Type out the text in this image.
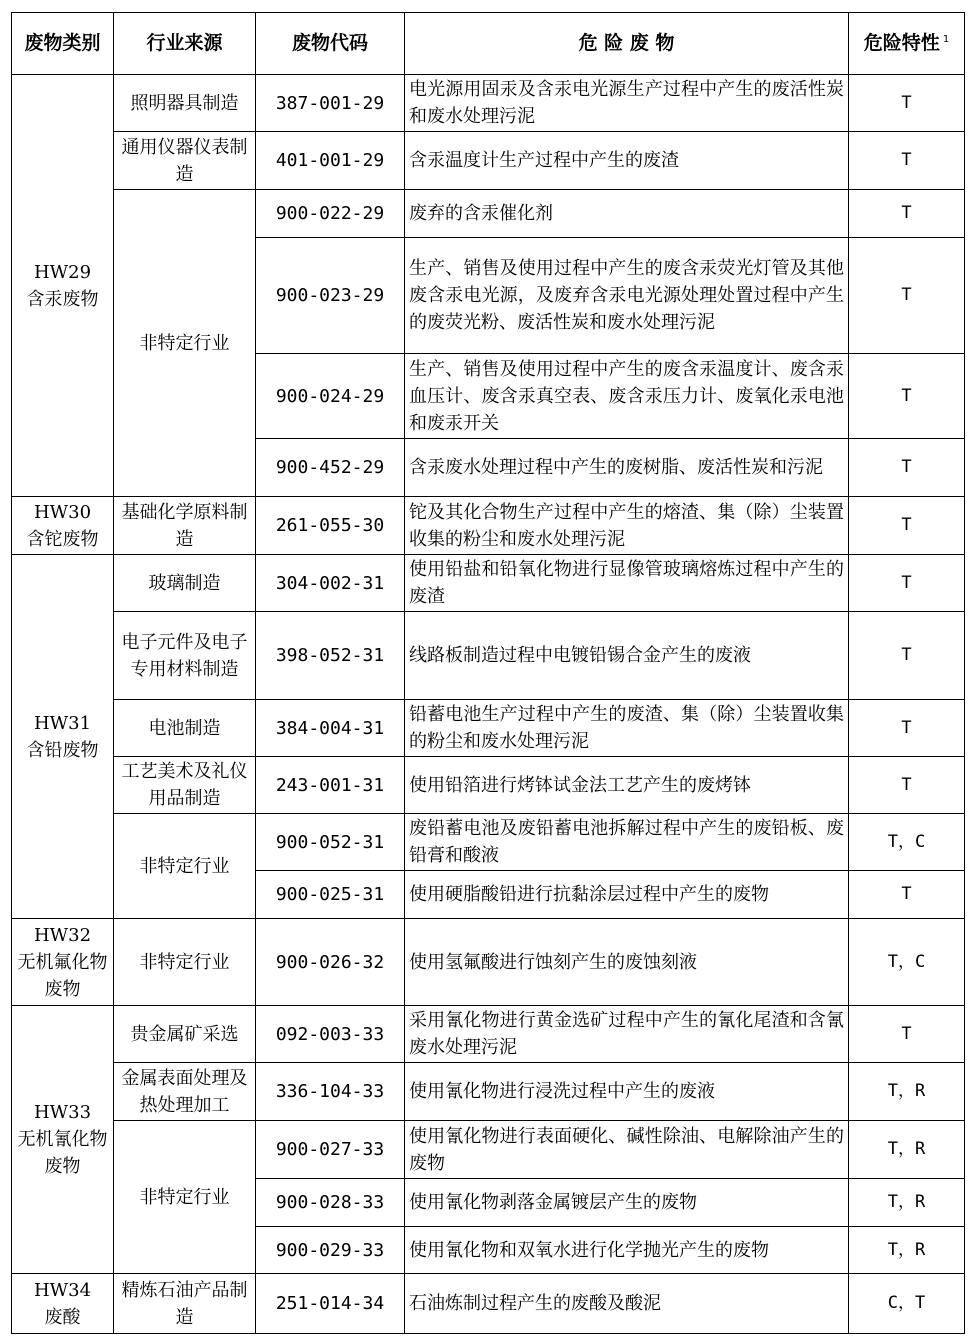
废物类别	行业来源	废物代码	危 险 废 物	危险特性 $^1$

HW29
含汞废物	照明器具制造	387-001-29	电光源用固汞及含汞电光源生产过程中产生的废活性炭和废水处理污泥	T
	通用仪器仪表制造	401-001-29	含汞温度计生产过程中产生的废渣	T
	非特定行业	900-022-29	废弃的含汞催化剂	T
		900-023-29	生产、销售及使用过程中产生的废含汞荧光灯管及其他废含汞电光源，及废弃含汞电光源处理处置过程中产生的废荧光粉、废活性炭和废水处理污泥	T
		900-024-29	生产、销售及使用过程中产生的废含汞温度计、废含汞血压计、废含汞真空表、废含汞压力计、废氧化汞电池和废汞开关	T
		900-452-29	含汞废水处理过程中产生的废树脂、废活性炭和污泥	T

HW30
含铊废物	基础化学原料制造	261-055-30	铊及其化合物生产过程中产生的熔渣、集（除）尘装置收集的粉尘和废水处理污泥	T

HW31
含铅废物	玻璃制造	304-002-31	使用铅盐和铅氧化物进行显像管玻璃熔炼过程中产生的废渣	T
	电子元件及电子专用材料制造	398-052-31	线路板制造过程中电镀铅锡合金产生的废液	T
	电池制造	384-004-31	铅蓄电池生产过程中产生的废渣、集（除）尘装置收集的粉尘和废水处理污泥	T
	工艺美术及礼仪用品制造	243-001-31	使用铅箔进行烤钵试金法工艺产生的废烤钵	T
	非特定行业	900-052-31	废铅蓄电池及废铅蓄电池拆解过程中产生的废铅板、废铅膏和酸液	T，C
		900-025-31	使用硬脂酸铅进行抗黏涂层过程中产生的废物	T

HW32
无机氟化物废物	非特定行业	900-026-32	使用氢氟酸进行蚀刻产生的废蚀刻液	T，C

HW33
无机氰化物废物	贵金属矿采选	092-003-33	采用氰化物进行黄金选矿过程中产生的氰化尾渣和含氰废水处理污泥	T
	金属表面处理及热处理加工	336-104-33	使用氰化物进行浸洗过程中产生的废液	T，R
	非特定行业	900-027-33	使用氰化物进行表面硬化、碱性除油、电解除油产生的废物	T，R
		900-028-33	使用氰化物剥落金属镀层产生的废物	T，R
		900-029-33	使用氰化物和双氧水进行化学抛光产生的废物	T，R

HW34
废酸	精炼石油产品制造	251-014-34	石油炼制过程产生的废酸及酸泥	C，T
